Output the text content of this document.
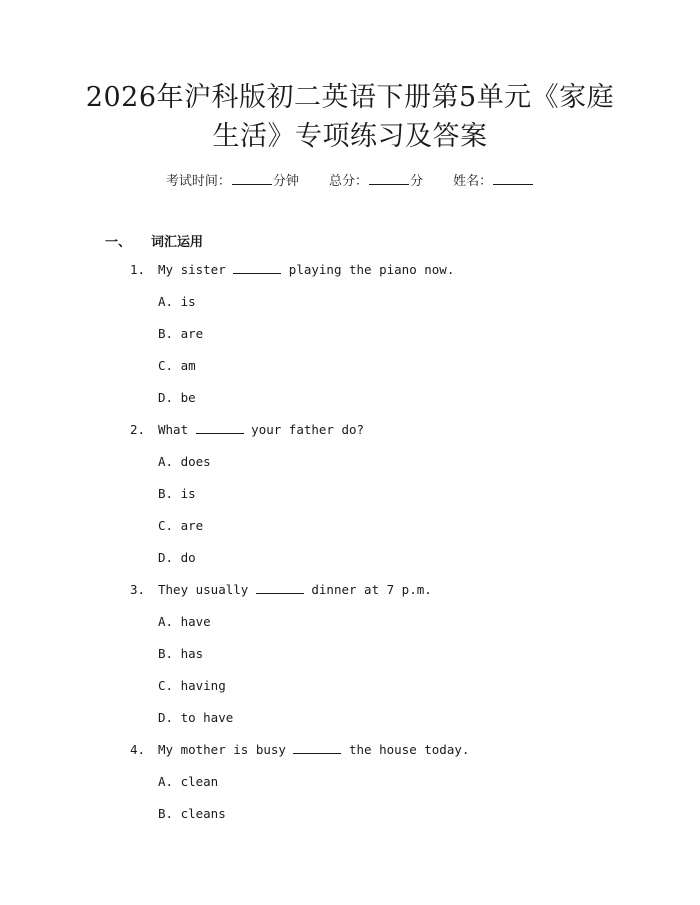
2026年沪科版初二英语下册第5单元《家庭
生活》专项练习及答案
考试时间：	分钟 总分：	分 姓名：
一、 词汇运用
1. My sister	playing the piano now.
A. is
B. are
C. am
D. be
2. What	your father do?
A. does
B. is
C. are
D. do
3. They usually	dinner at 7 p.m.
A. have
B. has
C. having
D. to have
4. My mother is busy	the house today.
A. clean
B. cleans
